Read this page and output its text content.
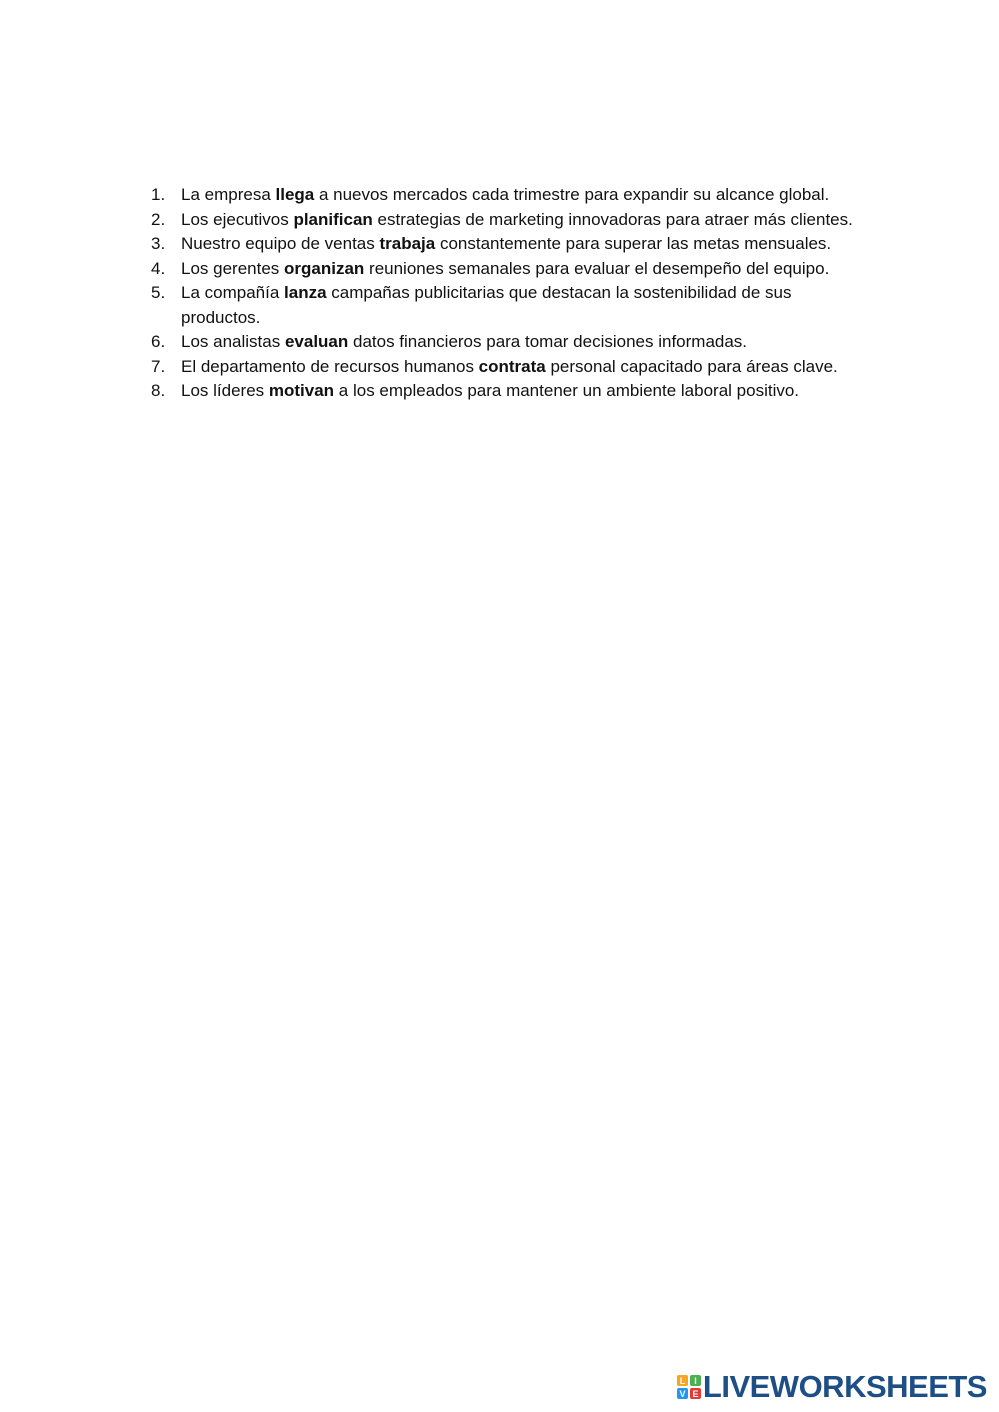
1. La empresa llega a nuevos mercados cada trimestre para expandir su alcance global.
2. Los ejecutivos planifican estrategias de marketing innovadoras para atraer más clientes.
3. Nuestro equipo de ventas trabaja constantemente para superar las metas mensuales.
4. Los gerentes organizan reuniones semanales para evaluar el desempeño del equipo.
5. La compañía lanza campañas publicitarias que destacan la sostenibilidad de sus productos.
6. Los analistas evaluan datos financieros para tomar decisiones informadas.
7. El departamento de recursos humanos contrata personal capacitado para áreas clave.
8. Los líderes motivan a los empleados para mantener un ambiente laboral positivo.
L I
V E LIVEWORKSHEETS
